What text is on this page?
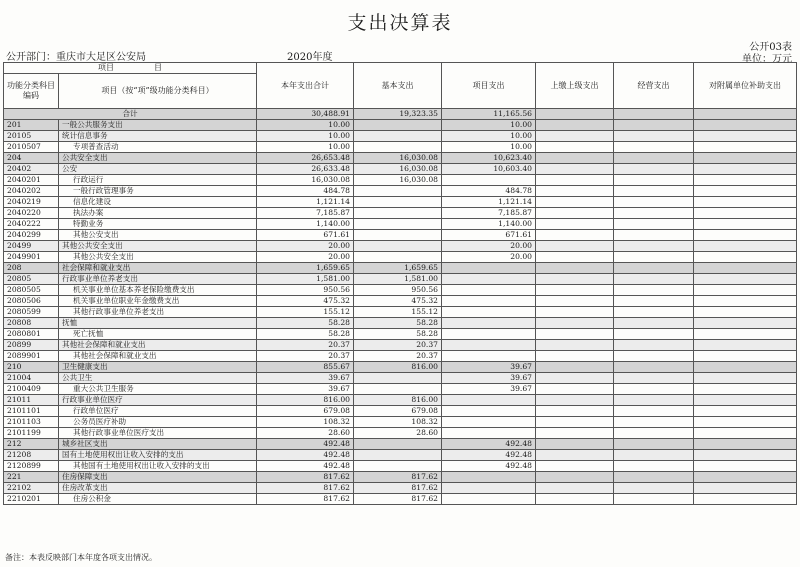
支出决算表
公开部门：重庆市大足区公安局	2020年度
公开03表
单位：万元
项目 目		本年支出合计	基本支出	项目支出	上缴上级支出	经营支出	对附属单位补助支出
功能分类科目编码	项目（按“项”级功能分类科目）						
合计		30,488.91	19,323.35	11,165.56			
201	一般公共服务支出	10.00		10.00			
20105	统计信息事务	10.00		10.00			
2010507	专项普查活动	10.00		10.00			
204	公共安全支出	26,653.48	16,030.08	10,623.40			
20402	公安	26,633.48	16,030.08	10,603.40			
2040201	行政运行	16,030.08	16,030.08				
2040202	一般行政管理事务	484.78		484.78			
2040219	信息化建设	1,121.14		1,121.14			
2040220	执法办案	7,185.87		7,185.87			
2040222	特勤业务	1,140.00		1,140.00			
2040299	其他公安支出	671.61		671.61			
20499	其他公共安全支出	20.00		20.00			
2049901	其他公共安全支出	20.00		20.00			
208	社会保障和就业支出	1,659.65	1,659.65				
20805	行政事业单位养老支出	1,581.00	1,581.00				
2080505	机关事业单位基本养老保险缴费支出	950.56	950.56				
2080506	机关事业单位职业年金缴费支出	475.32	475.32				
2080599	其他行政事业单位养老支出	155.12	155.12				
20808	抚恤	58.28	58.28				
2080801	死亡抚恤	58.28	58.28				
20899	其他社会保障和就业支出	20.37	20.37				
2089901	其他社会保障和就业支出	20.37	20.37				
210	卫生健康支出	855.67	816.00	39.67			
21004	公共卫生	39.67		39.67			
2100409	重大公共卫生服务	39.67		39.67			
21011	行政事业单位医疗	816.00	816.00				
2101101	行政单位医疗	679.08	679.08				
2101103	公务员医疗补助	108.32	108.32				
2101199	其他行政事业单位医疗支出	28.60	28.60				
212	城乡社区支出	492.48		492.48			
21208	国有土地使用权出让收入安排的支出	492.48		492.48			
2120899	其他国有土地使用权出让收入安排的支出	492.48		492.48			
221	住房保障支出	817.62	817.62				
22102	住房改革支出	817.62	817.62				
2210201	住房公积金	817.62	817.62				
备注：本表反映部门本年度各项支出情况。
